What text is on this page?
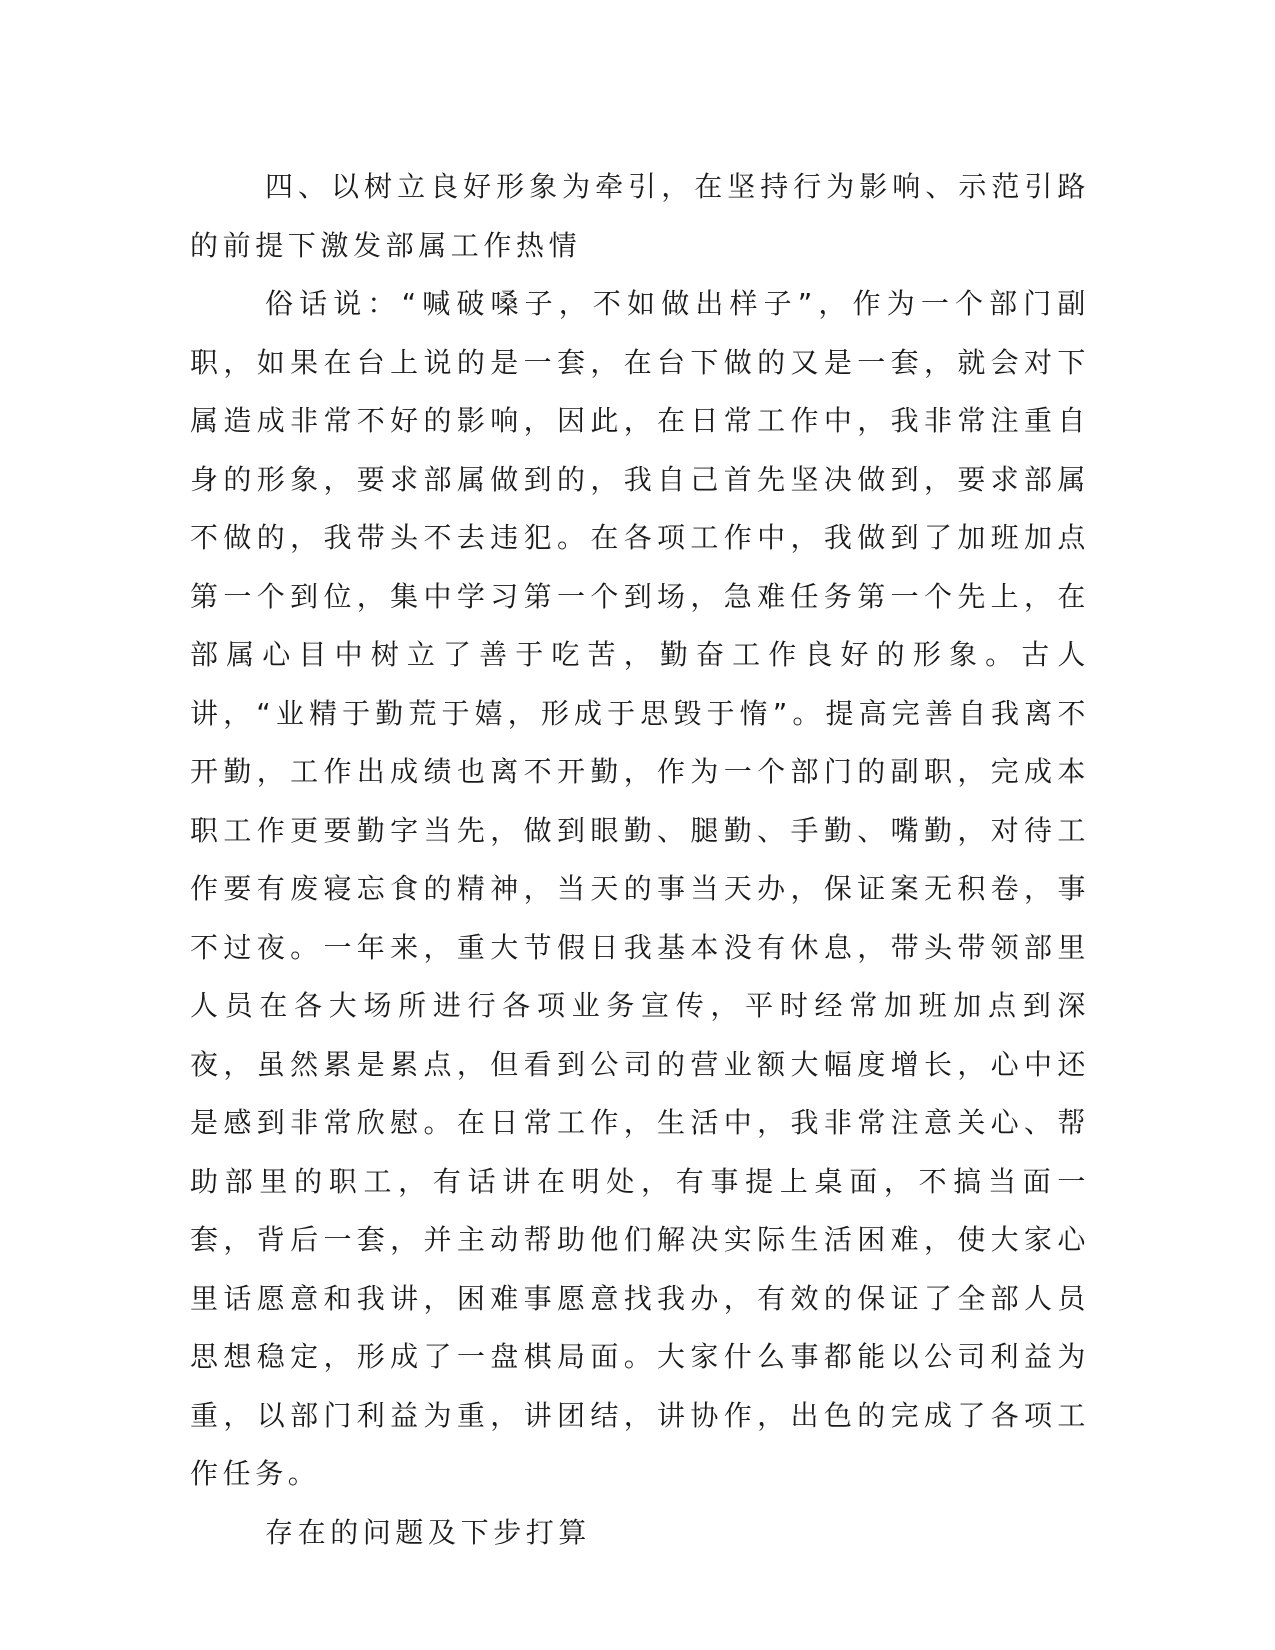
四、以树立良好形象为牵引，在坚持行为影响、示范引路的前提下激发部属工作热情

俗话说：“喊破嗓子，不如做出样子”，作为一个部门副职，如果在台上说的是一套，在台下做的又是一套，就会对下属造成非常不好的影响，因此，在日常工作中，我非常注重自身的形象，要求部属做到的，我自己首先坚决做到，要求部属不做的，我带头不去违犯。在各项工作中，我做到了加班加点第一个到位，集中学习第一个到场，急难任务第一个先上，在部属心目中树立了善于吃苦，勤奋工作良好的形象。古人讲，“业精于勤荒于嬉，形成于思毁于惰”。提高完善自我离不开勤，工作出成绩也离不开勤，作为一个部门的副职，完成本职工作更要勤字当先，做到眼勤、腿勤、手勤、嘴勤，对待工作要有废寝忘食的精神，当天的事当天办，保证案无积卷，事不过夜。一年来，重大节假日我基本没有休息，带头带领部里人员在各大场所进行各项业务宣传，平时经常加班加点到深夜，虽然累是累点，但看到公司的营业额大幅度增长，心中还是感到非常欣慰。在日常工作，生活中，我非常注意关心、帮助部里的职工，有话讲在明处，有事提上桌面，不搞当面一套，背后一套，并主动帮助他们解决实际生活困难，使大家心里话愿意和我讲，困难事愿意找我办，有效的保证了全部人员思想稳定，形成了一盘棋局面。大家什么事都能以公司利益为重，以部门利益为重，讲团结，讲协作，出色的完成了各项工作任务。

存在的问题及下步打算
